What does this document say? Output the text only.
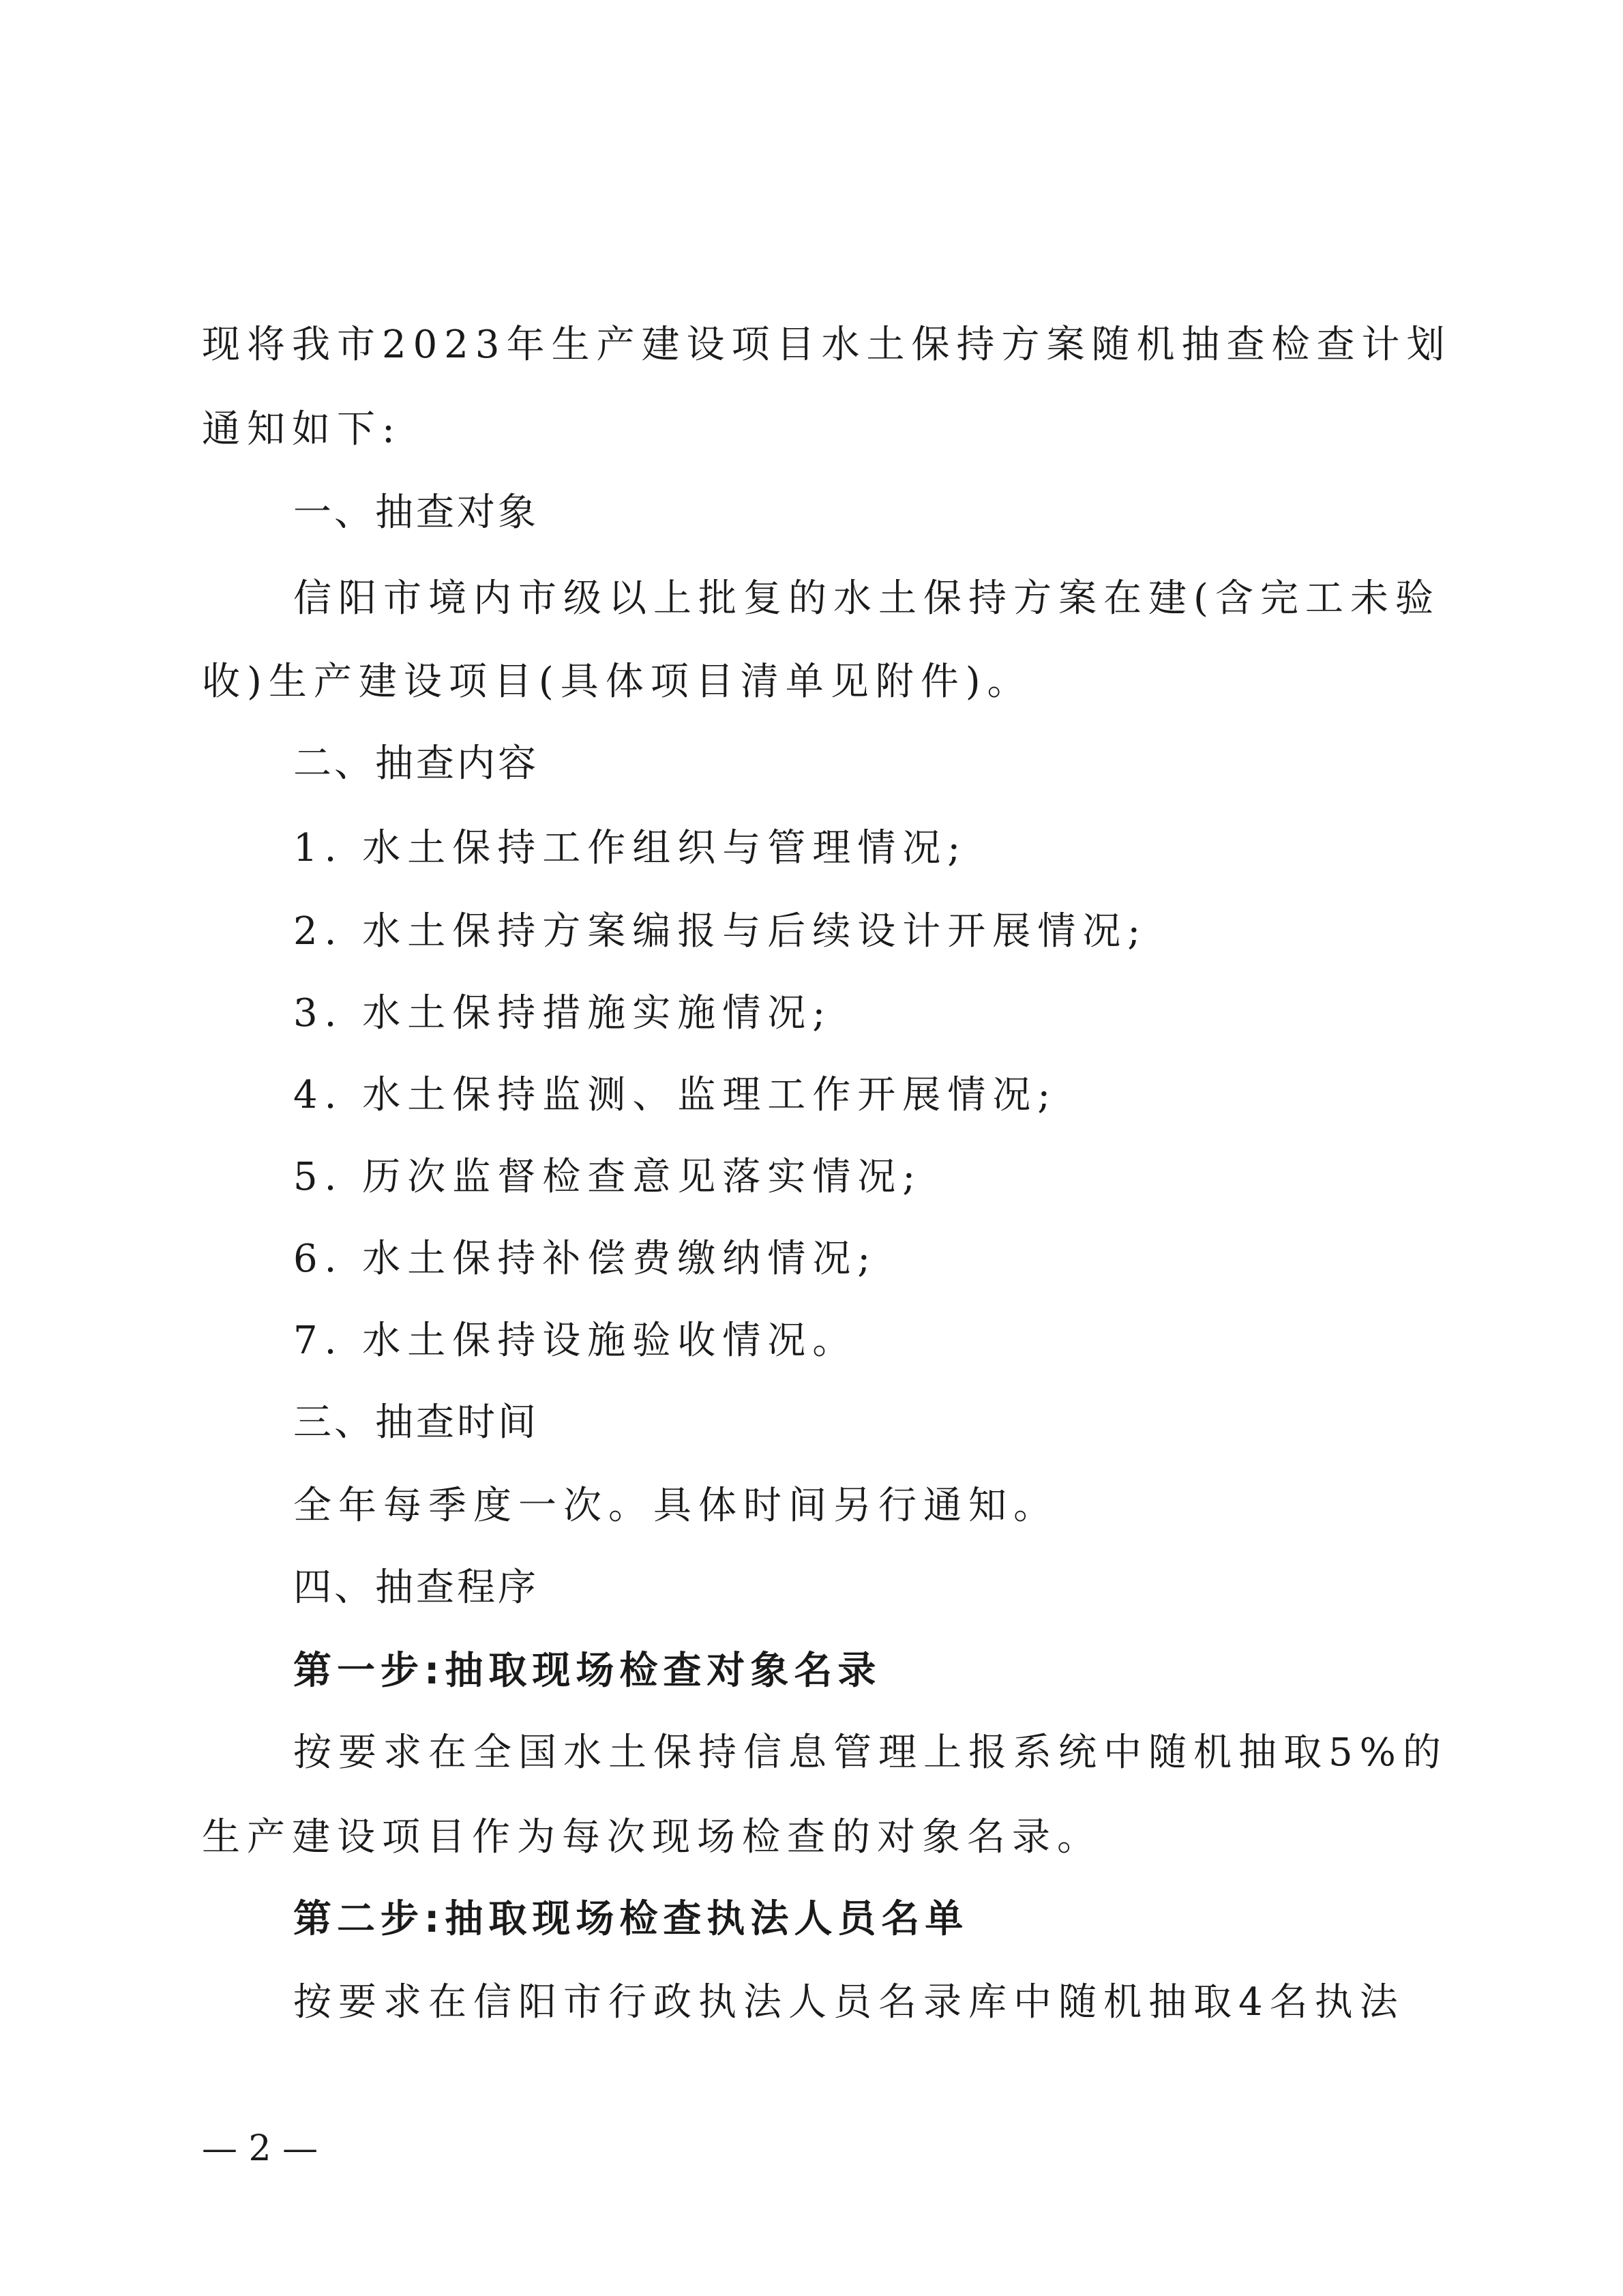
现将我市2023年生产建设项目水土保持方案随机抽查检查计划
通知如下:
一、抽查对象
信阳市境内市级以上批复的水土保持方案在建(含完工未验
收)生产建设项目(具体项目清单见附件)。
二、抽查内容
1. 水土保持工作组织与管理情况;
2. 水土保持方案编报与后续设计开展情况;
3. 水土保持措施实施情况;
4. 水土保持监测、监理工作开展情况;
5. 历次监督检查意见落实情况;
6. 水土保持补偿费缴纳情况;
7. 水土保持设施验收情况。
三、抽查时间
全年每季度一次。具体时间另行通知。
四、抽查程序
第一步:抽取现场检查对象名录
按要求在全国水土保持信息管理上报系统中随机抽取5%的
生产建设项目作为每次现场检查的对象名录。
第二步:抽取现场检查执法人员名单
按要求在信阳市行政执法人员名录库中随机抽取4名执法
— 2 —
